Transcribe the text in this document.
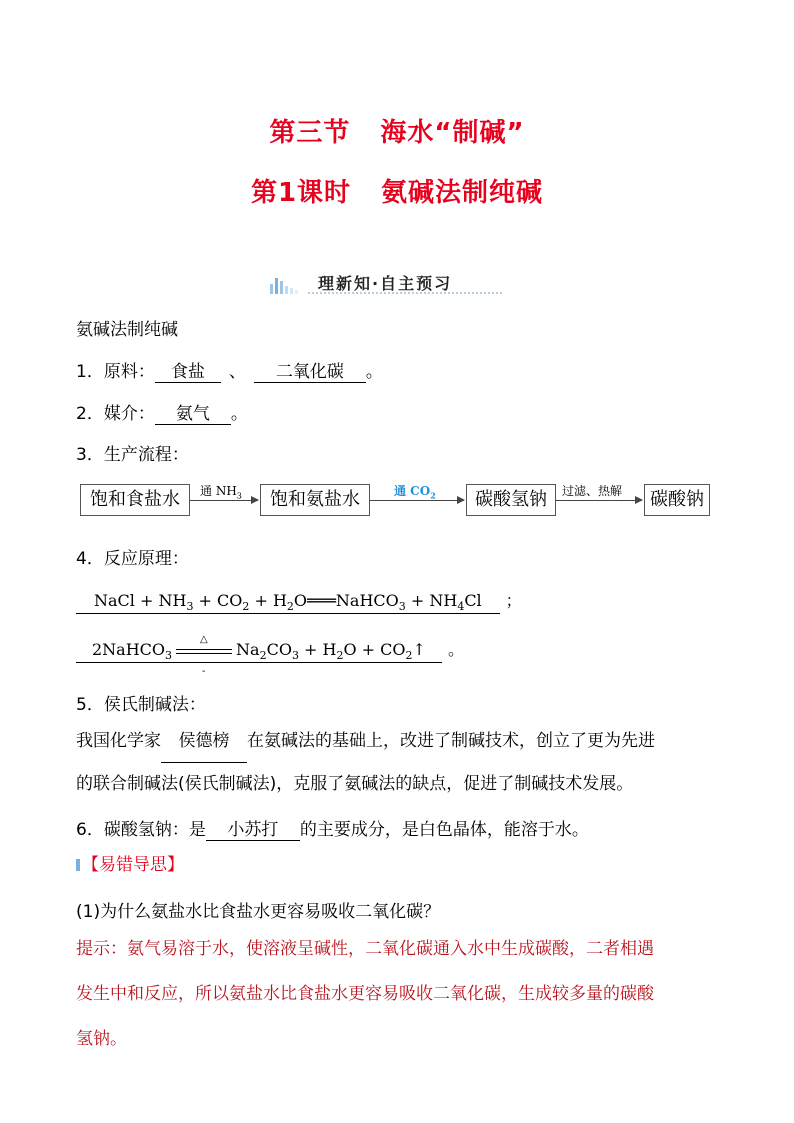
第三节 海水“制碱”
第1课时 氨碱法制纯碱
理新知·自主预习
氨碱法制纯碱
1．原料： 食盐 、 二氧化碳 。
2．媒介： 氨气 。
3．生产流程：
饱和食盐水	通 $NH_3$	饱和氨盐水	通 $CO_2$	碳酸氢钠	过滤、热解	碳酸钠
4．反应原理：
NaCl + $NH_3 + CO_2$ + $H_2O═══NaHCO_3 + NH_4Cl$ ；
2NaHCO$_3$
△
-
$Na_2CO_3 + H_2O$ + $CO_2↑$ 。
5．侯氏制碱法：
我国化学家 侯德榜 在氨碱法的基础上，改进了制碱技术，创立了更为先进
的联合制碱法(侯氏制碱法)，克服了氨碱法的缺点，促进了制碱技术发展。
6．碳酸氢钠：是 小苏打 的主要成分，是白色晶体，能溶于水。
【易错导思】
(1)为什么氨盐水比食盐水更容易吸收二氧化碳？
提示：氨气易溶于水，使溶液呈碱性，二氧化碳通入水中生成碳酸，二者相遇
发生中和反应，所以氨盐水比食盐水更容易吸收二氧化碳，生成较多量的碳酸
氢钠。
